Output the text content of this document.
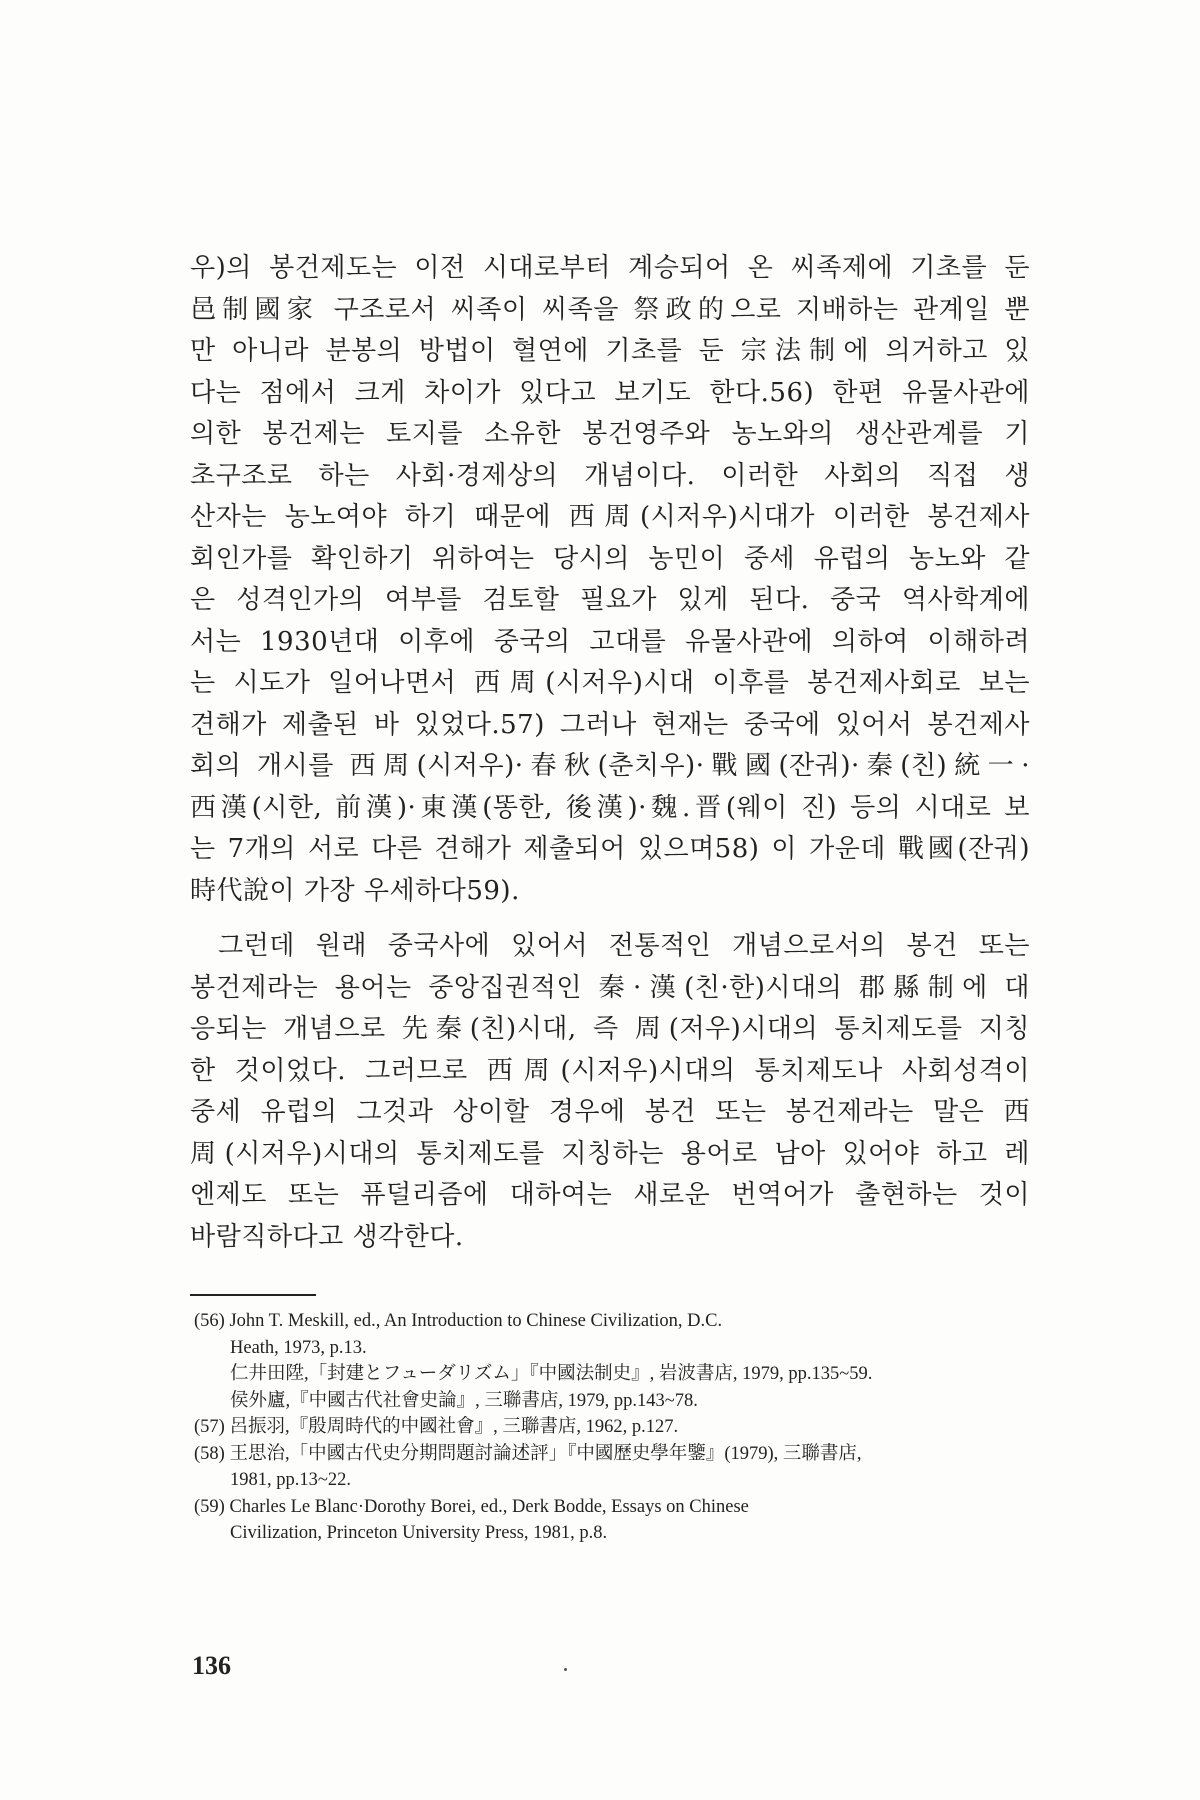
우)의 봉건제도는 이전 시대로부터 계승되어 온 씨족제에 기초를 둔
邑制國家 구조로서 씨족이 씨족을 祭政的으로 지배하는 관계일 뿐
만 아니라 분봉의 방법이 혈연에 기초를 둔 宗法制에 의거하고 있
다는 점에서 크게 차이가 있다고 보기도 한다.56) 한편 유물사관에
의한 봉건제는 토지를 소유한 봉건영주와 농노와의 생산관계를 기
초구조로 하는 사회·경제상의 개념이다. 이러한 사회의 직접 생
산자는 농노여야 하기 때문에 西周(시저우)시대가 이러한 봉건제사
회인가를 확인하기 위하여는 당시의 농민이 중세 유럽의 농노와 같
은 성격인가의 여부를 검토할 필요가 있게 된다. 중국 역사학계에
서는 1930년대 이후에 중국의 고대를 유물사관에 의하여 이해하려
는 시도가 일어나면서 西周(시저우)시대 이후를 봉건제사회로 보는
견해가 제출된 바 있었다.57) 그러나 현재는 중국에 있어서 봉건제사
회의 개시를 西周(시저우)·春秋(춘치우)·戰國(잔궈)·秦(친)統一·
西漢(시한, 前漢)·東漢(똥한, 後漢)·魏.晋(웨이 진) 등의 시대로 보
는 7개의 서로 다른 견해가 제출되어 있으며58) 이 가운데 戰國(잔궈)
時代說이 가장 우세하다59).
그런데 원래 중국사에 있어서 전통적인 개념으로서의 봉건 또는
봉건제라는 용어는 중앙집권적인 秦·漢(친·한)시대의 郡縣制에 대
응되는 개념으로 先秦(친)시대, 즉 周(저우)시대의 통치제도를 지칭
한 것이었다. 그러므로 西周(시저우)시대의 통치제도나 사회성격이
중세 유럽의 그것과 상이할 경우에 봉건 또는 봉건제라는 말은 西
周(시저우)시대의 통치제도를 지칭하는 용어로 남아 있어야 하고 레
엔제도 또는 퓨덜리즘에 대하여는 새로운 번역어가 출현하는 것이
바람직하다고 생각한다.
(56) John T. Meskill, ed., An Introduction to Chinese Civilization, D.C.
Heath, 1973, p.13.
仁井田陞,「封建とフューダリズム」『中國法制史』, 岩波書店, 1979, pp.135~59.
侯外廬,『中國古代社會史論』, 三聯書店, 1979, pp.143~78.
(57) 呂振羽,『殷周時代的中國社會』, 三聯書店, 1962, p.127.
(58) 王思治,「中國古代史分期問題討論述評」『中國歷史學年鑒』(1979), 三聯書店,
1981, pp.13~22.
(59) Charles Le Blanc·Dorothy Borei, ed., Derk Bodde, Essays on Chinese
Civilization, Princeton University Press, 1981, p.8.
136
